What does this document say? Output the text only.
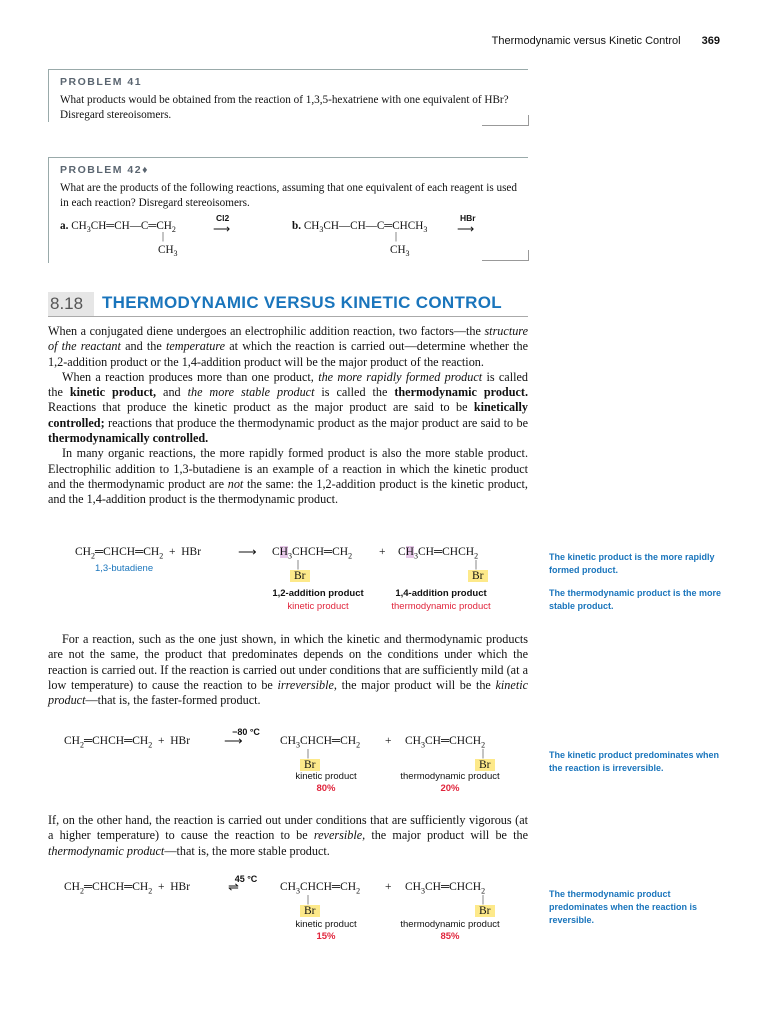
Thermodynamic versus Kinetic Control 369
PROBLEM 41
What products would be obtained from the reaction of 1,3,5-hexatriene with one equivalent of HBr? Disregard stereoisomers.
PROBLEM 42♦
What are the products of the following reactions, assuming that one equivalent of each reagent is used in each reaction? Disregard stereoisomers.
a. $CH_3CH═CH—C═CH_2$
Cl2
⟶
|
$CH_3$
b. $CH_3CH—CH—C═CHCH_3$
HBr
⟶
|
$CH_3$
8.18	THERMODYNAMIC VERSUS KINETIC CONTROL

When a conjugated diene undergoes an electrophilic addition reaction, two factors—the structure of the reactant and the temperature at which the reaction is carried out—determine whether the 1,2-addition product or the 1,4-addition product will be the major product of the reaction.

When a reaction produces more than one product, the more rapidly formed product is called the kinetic product, and the more stable product is called the thermodynamic product. Reactions that produce the kinetic product as the major product are said to be kinetically controlled; reactions that produce the thermodynamic product as the major product are said to be thermodynamically controlled.

In many organic reactions, the more rapidly formed product is also the more stable product. Electrophilic addition to 1,3-butadiene is an example of a reaction in which the kinetic product and the thermodynamic product are not the same: the 1,2-addition product is the kinetic product, and the 1,4-addition product is the thermodynamic product.

$CH_2═CHCH═CH_2$  +  HBr
1,3-butadiene
⟶ $CH_3CHCH═CH_2$
|
Br
+ $CH_3CH═CHCH_2$
|
Br
1,2-addition product
kinetic product
1,4-addition product
thermodynamic product
The kinetic product is the more rapidly formed product.
The thermodynamic product is the more stable product.

For a reaction, such as the one just shown, in which the kinetic and thermodynamic products are not the same, the product that predominates depends on the conditions under which the reaction is carried out. If the reaction is carried out under conditions that are sufficiently mild (at a low temperature) to cause the reaction to be irreversible, the major product will be the kinetic product—that is, the faster-formed product.

$CH_2═CHCH═CH_2$  +  HBr
−80 °C
⟶	$CH_3CHCH═CH_2$
|
Br
+ $CH_3CH═CHCH_2$
|
Br
kinetic product
80%
thermodynamic product
20%
The kinetic product predominates when the reaction is irreversible.

If, on the other hand, the reaction is carried out under conditions that are sufficiently vigorous (at a higher temperature) to cause the reaction to be reversible, the major product will be the thermodynamic product—that is, the more stable product.

$CH_2═CHCH═CH_2$  +  HBr
45 °C
⇌	$CH_3CHCH═CH_2$
|
Br
+ $CH_3CH═CHCH_2$
|
Br
kinetic product
15%
thermodynamic product
85%
The thermodynamic product predominates when the reaction is reversible.
